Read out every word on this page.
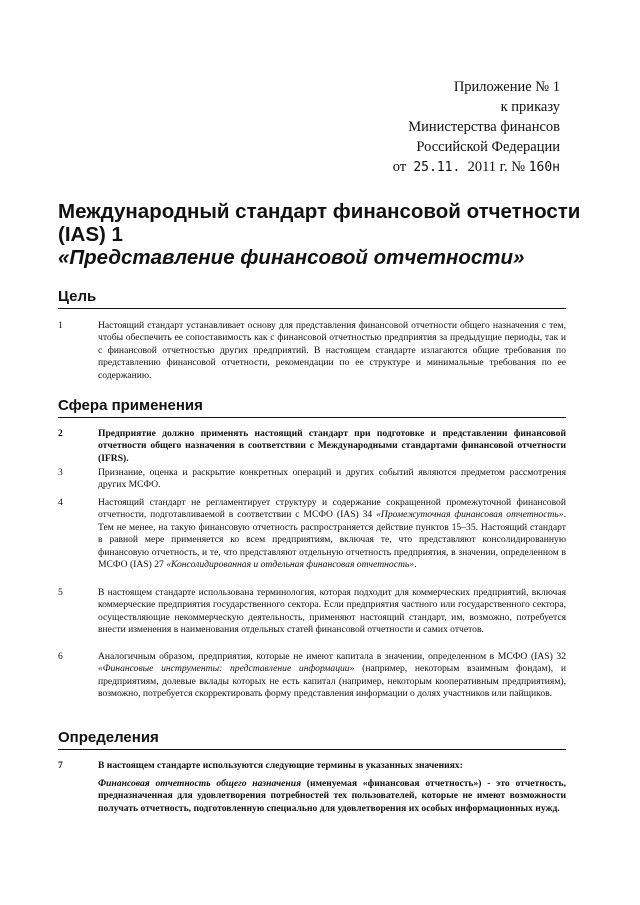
Приложение № 1
к приказу
Министерства финансов
Российской Федерации
от 25.11. 2011 г. № 160н
Международный стандарт финансовой отчетности
(IAS) 1
«Представление финансовой отчетности»
Цель
1	Настоящий стандарт устанавливает основу для представления финансовой отчетности общего назначения с тем, чтобы обеспечить ее сопоставимость как с финансовой отчетностью предприятия за предыдущие периоды, так и с финансовой отчетностью других предприятий. В настоящем стандарте излагаются общие требования по представлению финансовой отчетности, рекомендации по ее структуре и минимальные требования по ее содержанию.
Сфера применения
2	Предприятие должно применять настоящий стандарт при подготовке и представлении финансовой отчетности общего назначения в соответствии с Международными стандартами финансовой отчетности (IFRS).
3	Признание, оценка и раскрытие конкретных операций и других событий являются предметом рассмотрения других МСФО.
4	Настоящий стандарт не регламентирует структуру и содержание сокращенной промежуточной финансовой отчетности, подготавливаемой в соответствии с МСФО (IAS) 34 «Промежуточная финансовая отчетность». Тем не менее, на такую финансовую отчетность распространяется действие пунктов 15–35. Настоящий стандарт в равной мере применяется ко всем предприятиям, включая те, что представляют консолидированную финансовую отчетность, и те, что представляют отдельную отчетность предприятия, в значении, определенном в МСФО (IAS) 27 «Консолидированная и отдельная финансовая отчетность».
5	В настоящем стандарте использована терминология, которая подходит для коммерческих предприятий, включая коммерческие предприятия государственного сектора. Если предприятия частного или государственного сектора, осуществляющие некоммерческую деятельность, применяют настоящий стандарт, им, возможно, потребуется внести изменения в наименования отдельных статей финансовой отчетности и самих отчетов.
6	Аналогичным образом, предприятия, которые не имеют капитала в значении, определенном в МСФО (IAS) 32 «Финансовые инструменты: представление информации» (например, некоторым взаимным фондам), и предприятиям, долевые вклады которых не есть капитал (например, некоторым кооперативным предприятиям), возможно, потребуется скорректировать форму представления информации о долях участников или пайщиков.
Определения
7	В настоящем стандарте используются следующие термины в указанных значениях:
Финансовая отчетность общего назначения (именуемая «финансовая отчетность») - это отчетность, предназначенная для удовлетворения потребностей тех пользователей, которые не имеют возможности получать отчетность, подготовленную специально для удовлетворения их особых информационных нужд.
